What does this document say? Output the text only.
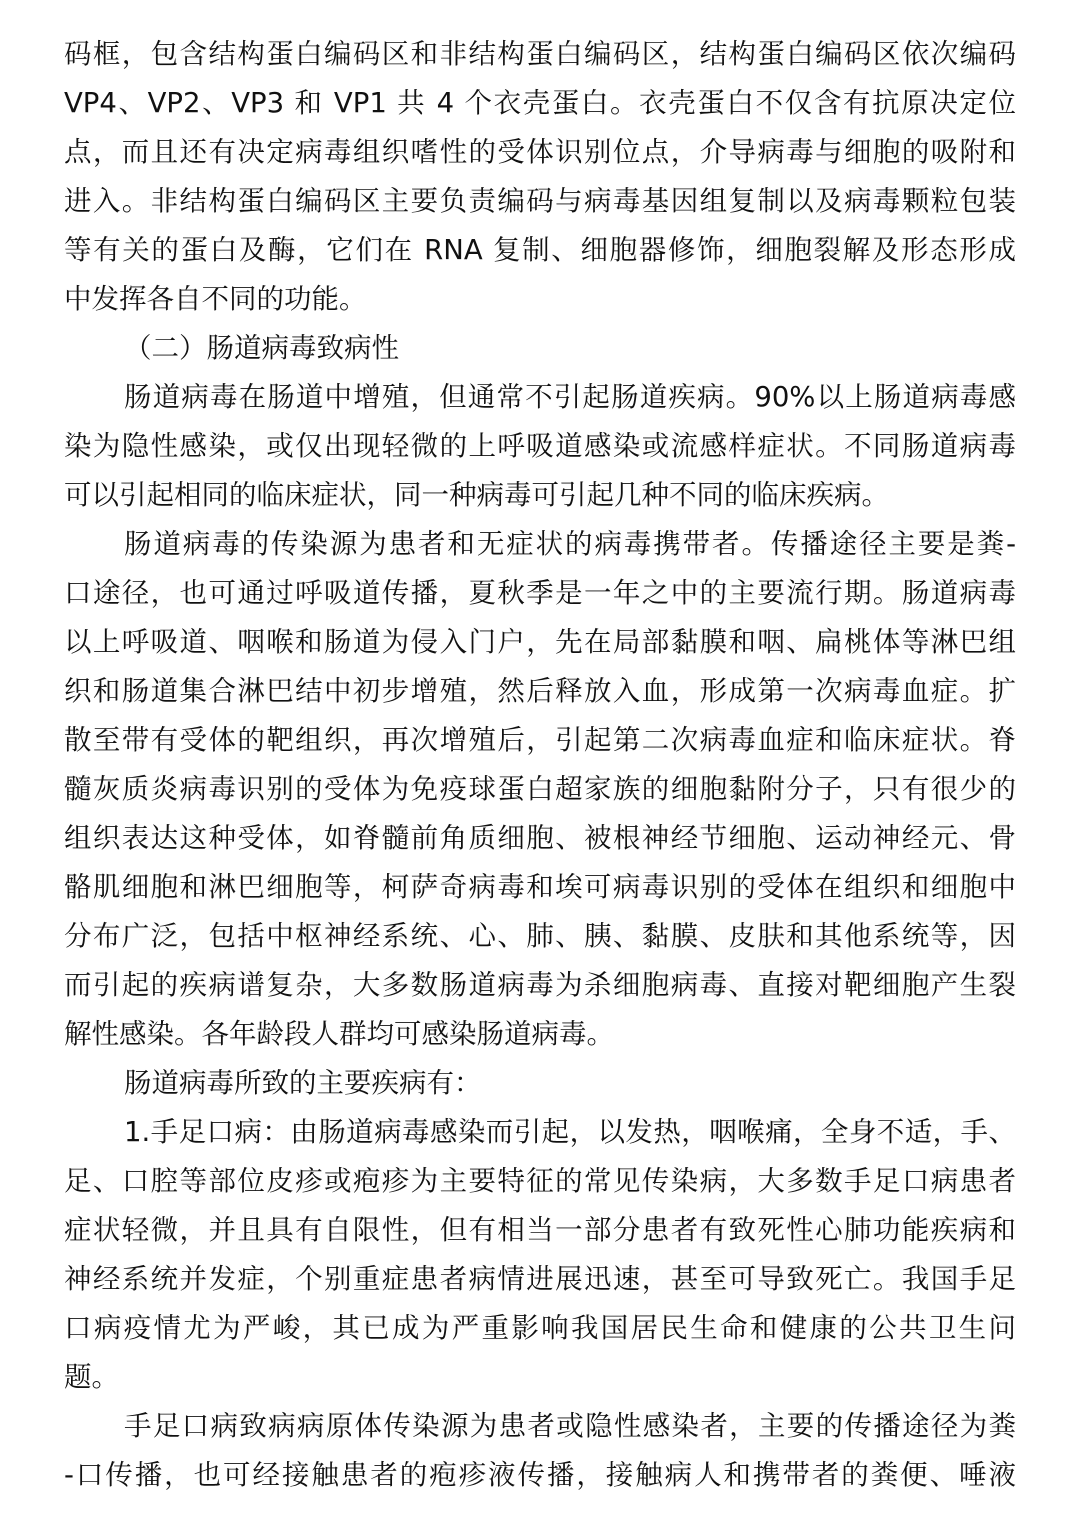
码框，包含结构蛋白编码区和非结构蛋白编码区，结构蛋白编码区依次编码
VP4、VP2、VP3 和 VP1 共 4 个衣壳蛋白。衣壳蛋白不仅含有抗原决定位
点，而且还有决定病毒组织嗜性的受体识别位点，介导病毒与细胞的吸附和
进入。非结构蛋白编码区主要负责编码与病毒基因组复制以及病毒颗粒包装
等有关的蛋白及酶，它们在 RNA 复制、细胞器修饰，细胞裂解及形态形成
中发挥各自不同的功能。
（二）肠道病毒致病性
肠道病毒在肠道中增殖，但通常不引起肠道疾病。90%以上肠道病毒感
染为隐性感染，或仅出现轻微的上呼吸道感染或流感样症状。不同肠道病毒
可以引起相同的临床症状，同一种病毒可引起几种不同的临床疾病。
肠道病毒的传染源为患者和无症状的病毒携带者。传播途径主要是粪-
口途径，也可通过呼吸道传播，夏秋季是一年之中的主要流行期。肠道病毒
以上呼吸道、咽喉和肠道为侵入门户，先在局部黏膜和咽、扁桃体等淋巴组
织和肠道集合淋巴结中初步增殖，然后释放入血，形成第一次病毒血症。扩
散至带有受体的靶组织，再次增殖后，引起第二次病毒血症和临床症状。脊
髓灰质炎病毒识别的受体为免疫球蛋白超家族的细胞黏附分子，只有很少的
组织表达这种受体，如脊髓前角质细胞、被根神经节细胞、运动神经元、骨
骼肌细胞和淋巴细胞等，柯萨奇病毒和埃可病毒识别的受体在组织和细胞中
分布广泛，包括中枢神经系统、心、肺、胰、黏膜、皮肤和其他系统等，因
而引起的疾病谱复杂，大多数肠道病毒为杀细胞病毒、直接对靶细胞产生裂
解性感染。各年龄段人群均可感染肠道病毒。
肠道病毒所致的主要疾病有：
1.手足口病：由肠道病毒感染而引起，以发热，咽喉痛，全身不适，手、
足、口腔等部位皮疹或疱疹为主要特征的常见传染病，大多数手足口病患者
症状轻微，并且具有自限性，但有相当一部分患者有致死性心肺功能疾病和
神经系统并发症，个别重症患者病情进展迅速，甚至可导致死亡。我国手足
口病疫情尤为严峻，其已成为严重影响我国居民生命和健康的公共卫生问
题。
手足口病致病病原体传染源为患者或隐性感染者，主要的传播途径为粪
-口传播，也可经接触患者的疱疹液传播，接触病人和携带者的粪便、唾液
